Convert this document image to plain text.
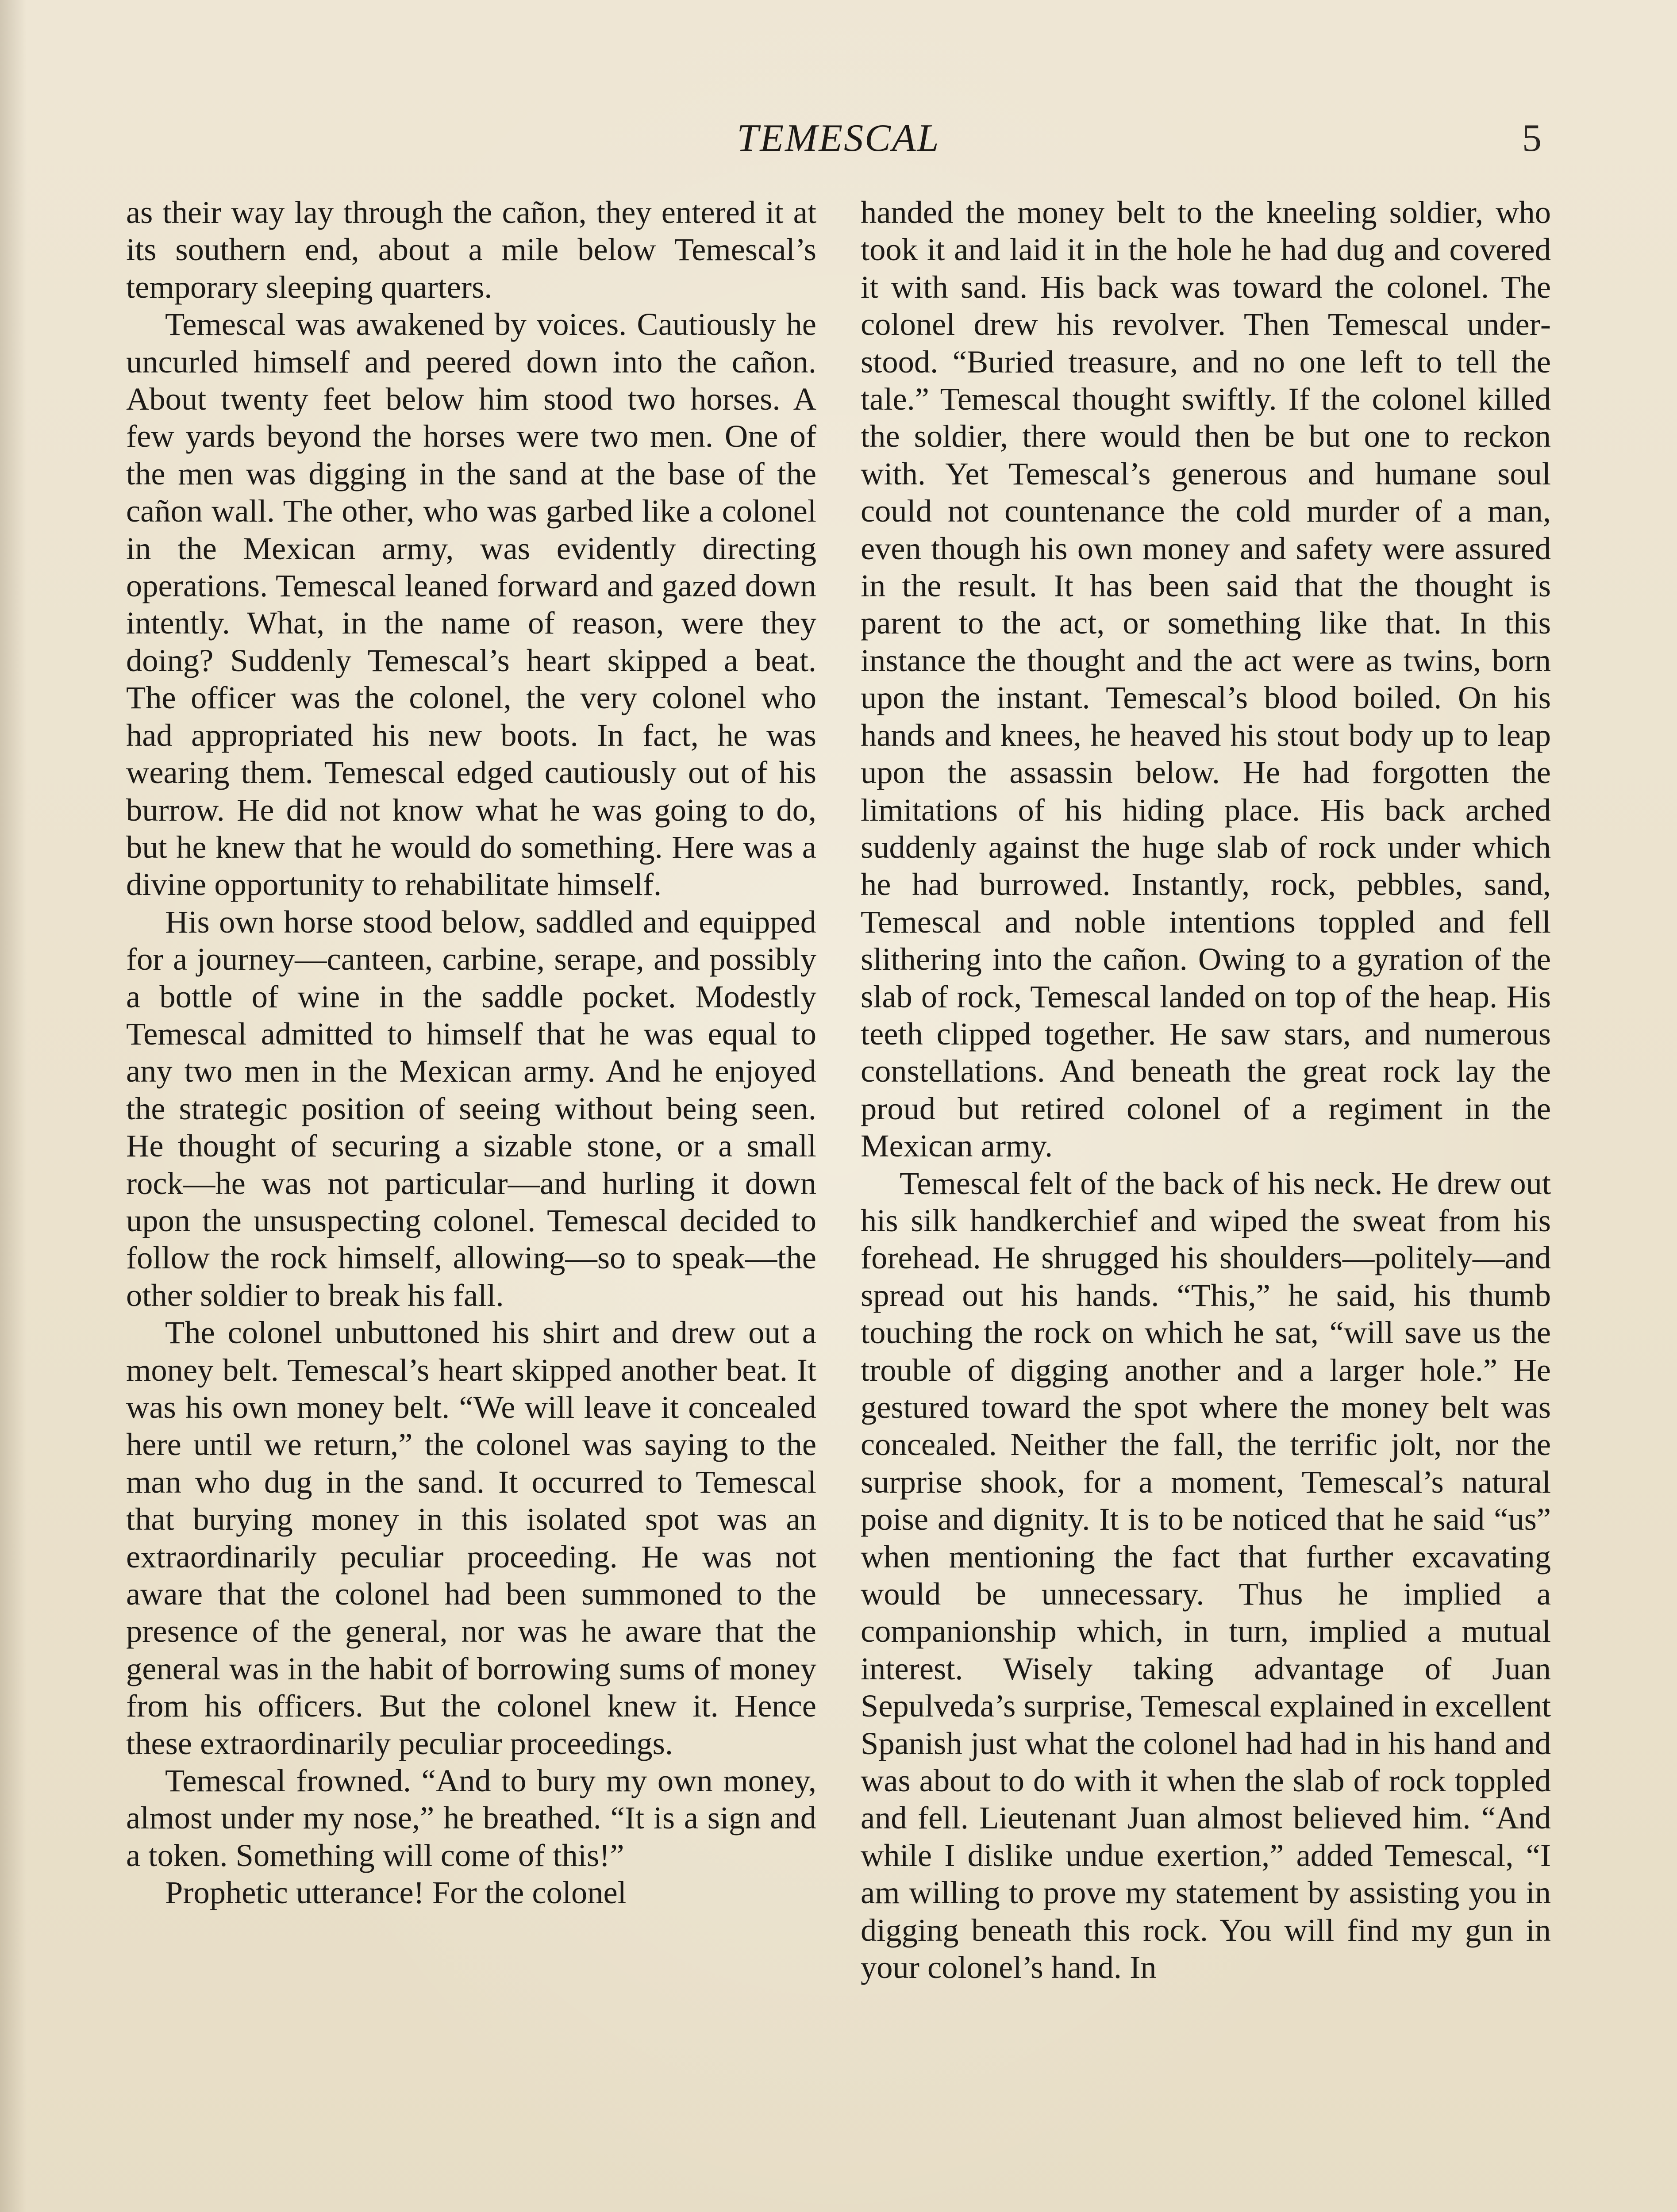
TEMESCAL	5

as their way lay through the cañon, they entered it at its southern end, about a mile below Temescal’s temporary sleeping quarters.

Temescal was awakened by voices. Cautiously he uncurled himself and peered down into the cañon. About twenty feet below him stood two horses. A few yards beyond the horses were two men. One of the men was digging in the sand at the base of the cañon wall. The other, who was garbed like a colonel in the Mexican army, was evidently directing operations. Temescal leaned forward and gazed down intently. What, in the name of reason, were they doing? Suddenly Temescal’s heart skipped a beat. The officer was the colonel, the very colonel who had appropriated his new boots. In fact, he was wearing them. Temescal edged cautiously out of his burrow. He did not know what he was going to do, but he knew that he would do something. Here was a divine opportunity to rehabilitate himself.

His own horse stood below, saddled and equipped for a journey—canteen, carbine, serape, and possibly a bottle of wine in the saddle pocket. Modestly Temescal admitted to himself that he was equal to any two men in the Mexican army. And he enjoyed the strategic position of seeing without being seen. He thought of securing a sizable stone, or a small rock—he was not particular—and hurling it down upon the unsuspecting colonel. Temescal decided to follow the rock himself, allowing—so to speak—the other soldier to break his fall.

The colonel unbuttoned his shirt and drew out a money belt. Temescal’s heart skipped another beat. It was his own money belt. “We will leave it concealed here until we return,” the colonel was saying to the man who dug in the sand. It occurred to Temescal that burying money in this isolated spot was an extraordinarily peculiar proceeding. He was not aware that the colonel had been summoned to the presence of the general, nor was he aware that the general was in the habit of borrowing sums of money from his officers. But the colonel knew it. Hence these extraordinarily peculiar proceedings.

Temescal frowned. “And to bury my own money, almost under my nose,” he breathed. “It is a sign and a token. Something will come of this!”

Prophetic utterance! For the colonel

handed the money belt to the kneeling soldier, who took it and laid it in the hole he had dug and covered it with sand. His back was toward the colonel. The colonel drew his revolver. Then Temescal understood. “Buried treasure, and no one left to tell the tale.” Temescal thought swiftly. If the colonel killed the soldier, there would then be but one to reckon with. Yet Temescal’s generous and humane soul could not countenance the cold murder of a man, even though his own money and safety were assured in the result. It has been said that the thought is parent to the act, or something like that. In this instance the thought and the act were as twins, born upon the instant. Temescal’s blood boiled. On his hands and knees, he heaved his stout body up to leap upon the assassin below. He had forgotten the limitations of his hiding place. His back arched suddenly against the huge slab of rock under which he had burrowed. Instantly, rock, pebbles, sand, Temescal and noble intentions toppled and fell slithering into the cañon. Owing to a gyration of the slab of rock, Temescal landed on top of the heap. His teeth clipped together. He saw stars, and numerous constellations. And beneath the great rock lay the proud but retired colonel of a regiment in the Mexican army.

Temescal felt of the back of his neck. He drew out his silk handkerchief and wiped the sweat from his forehead. He shrugged his shoulders—politely—and spread out his hands. “This,” he said, his thumb touching the rock on which he sat, “will save us the trouble of digging another and a larger hole.” He gestured toward the spot where the money belt was concealed. Neither the fall, the terrific jolt, nor the surprise shook, for a moment, Temescal’s natural poise and dignity. It is to be noticed that he said “us” when mentioning the fact that further excavating would be unnecessary. Thus he implied a companionship which, in turn, implied a mutual interest. Wisely taking advantage of Juan Sepulveda’s surprise, Temescal explained in excellent Spanish just what the colonel had had in his hand and was about to do with it when the slab of rock toppled and fell. Lieutenant Juan almost believed him. “And while I dislike undue exertion,” added Temescal, “I am willing to prove my statement by assisting you in digging beneath this rock. You will find my gun in your colonel’s hand. In
